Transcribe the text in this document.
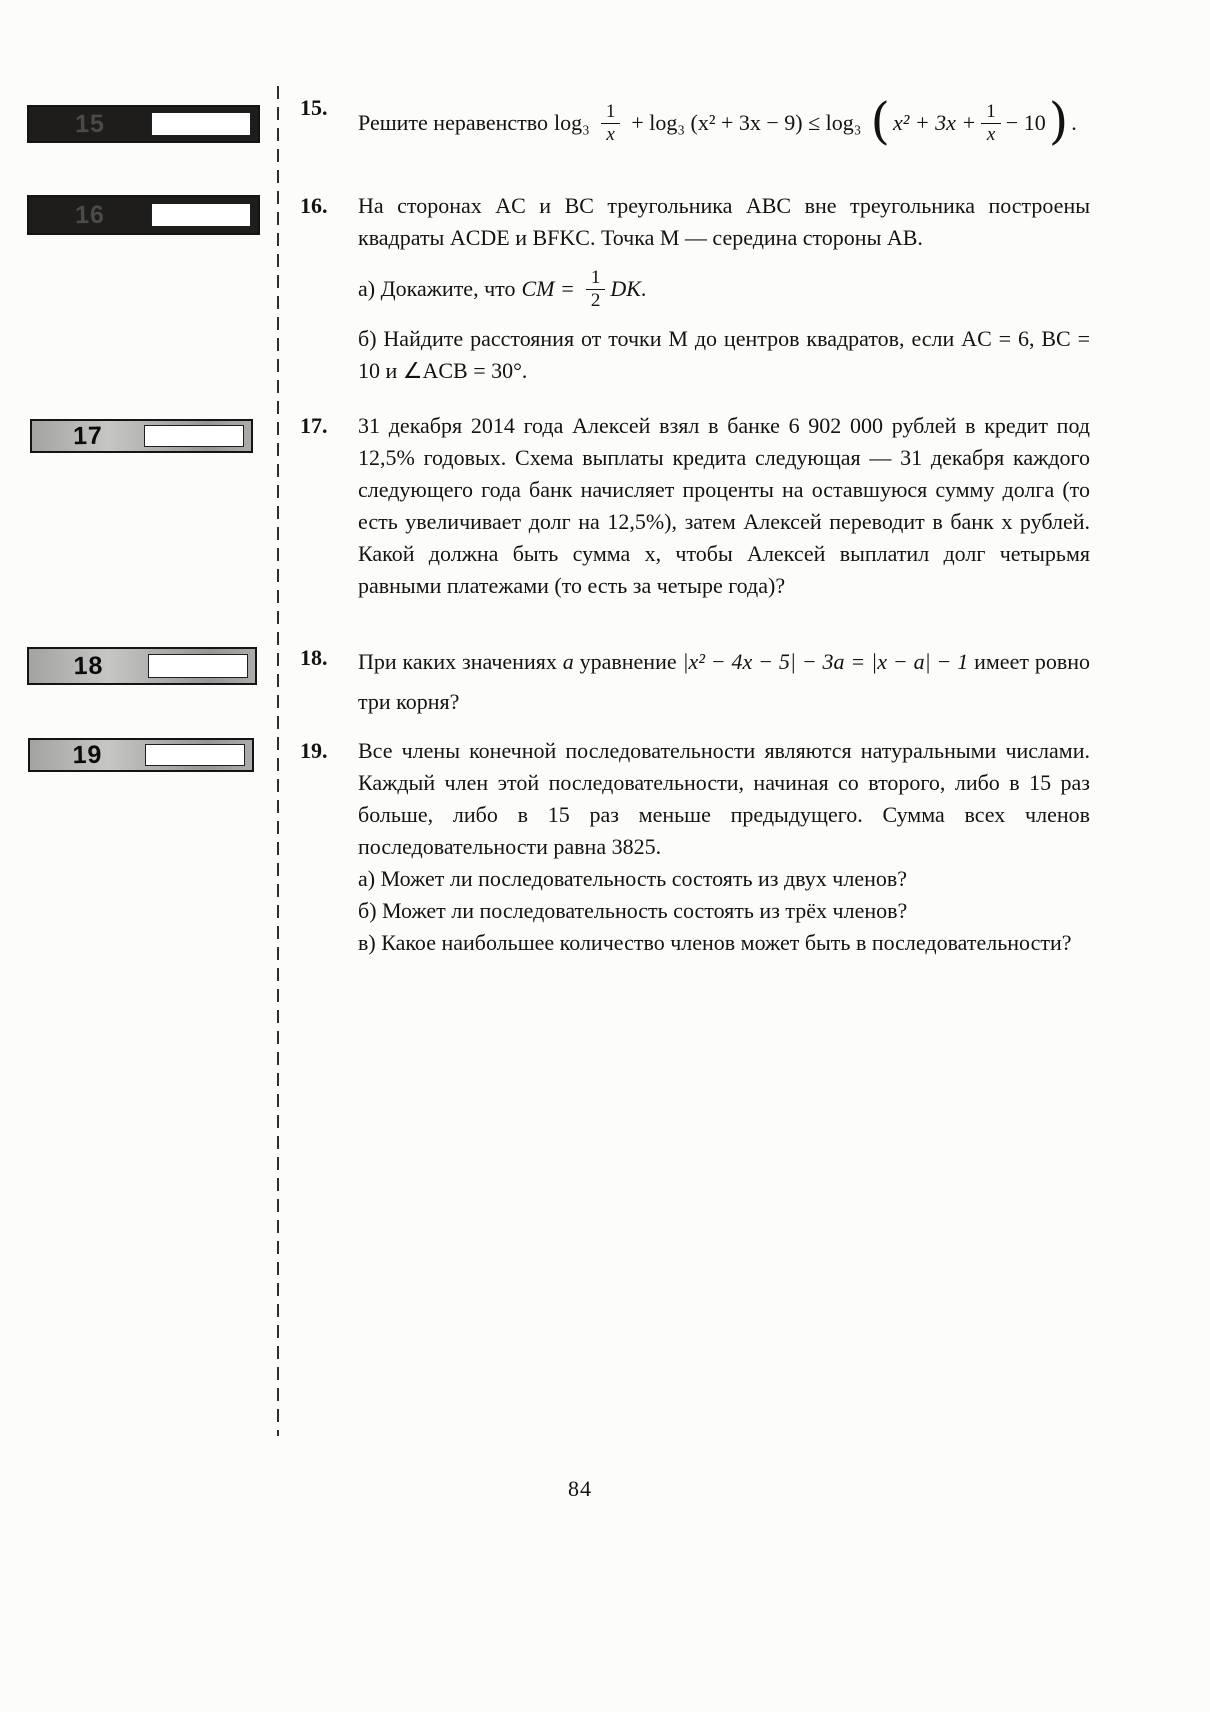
15
16
17
18
19
15.
Решите неравенство $\log_3 \frac{1}{x} + \log_3$ (x² + 3x − 9) ≤ log₃ ( $x^2 + 3x + \frac{1}{x} - 10$ ) .
16.	На сторонах AC и BC треугольника ABC вне треугольника построены квадраты ACDE и BFKC. Точка M — середина стороны AB.

а) Докажите, что CM = $\frac{1}{2}$ DK .

б) Найдите расстояния от точки M до центров квадратов, если AC = 6, BC = 10 и ∠ACB = 30°.

17.	31 декабря 2014 года Алексей взял в банке 6 902 000 рублей в кредит под 12,5% годовых. Схема выплаты кредита следующая — 31 декабря каждого следующего года банк начисляет проценты на оставшуюся сумму долга (то есть увеличивает долг на 12,5%), затем Алексей переводит в банк x рублей. Какой должна быть сумма x, чтобы Алексей выплатил долг четырьмя равными платежами (то есть за четыре года)?

18.	При каких значениях a уравнение |x² − 4x − 5| − 3a = |x − a| − 1 имеет ровно три корня?
19.	Все члены конечной последовательности являются натуральными числами. Каждый член этой последовательности, начиная со второго, либо в 15 раз больше, либо в 15 раз меньше предыдущего. Сумма всех членов последовательности равна 3825.

а) Может ли последовательность состоять из двух членов?

б) Может ли последовательность состоять из трёх членов?

в) Какое наибольшее количество членов может быть в последовательности?

84
